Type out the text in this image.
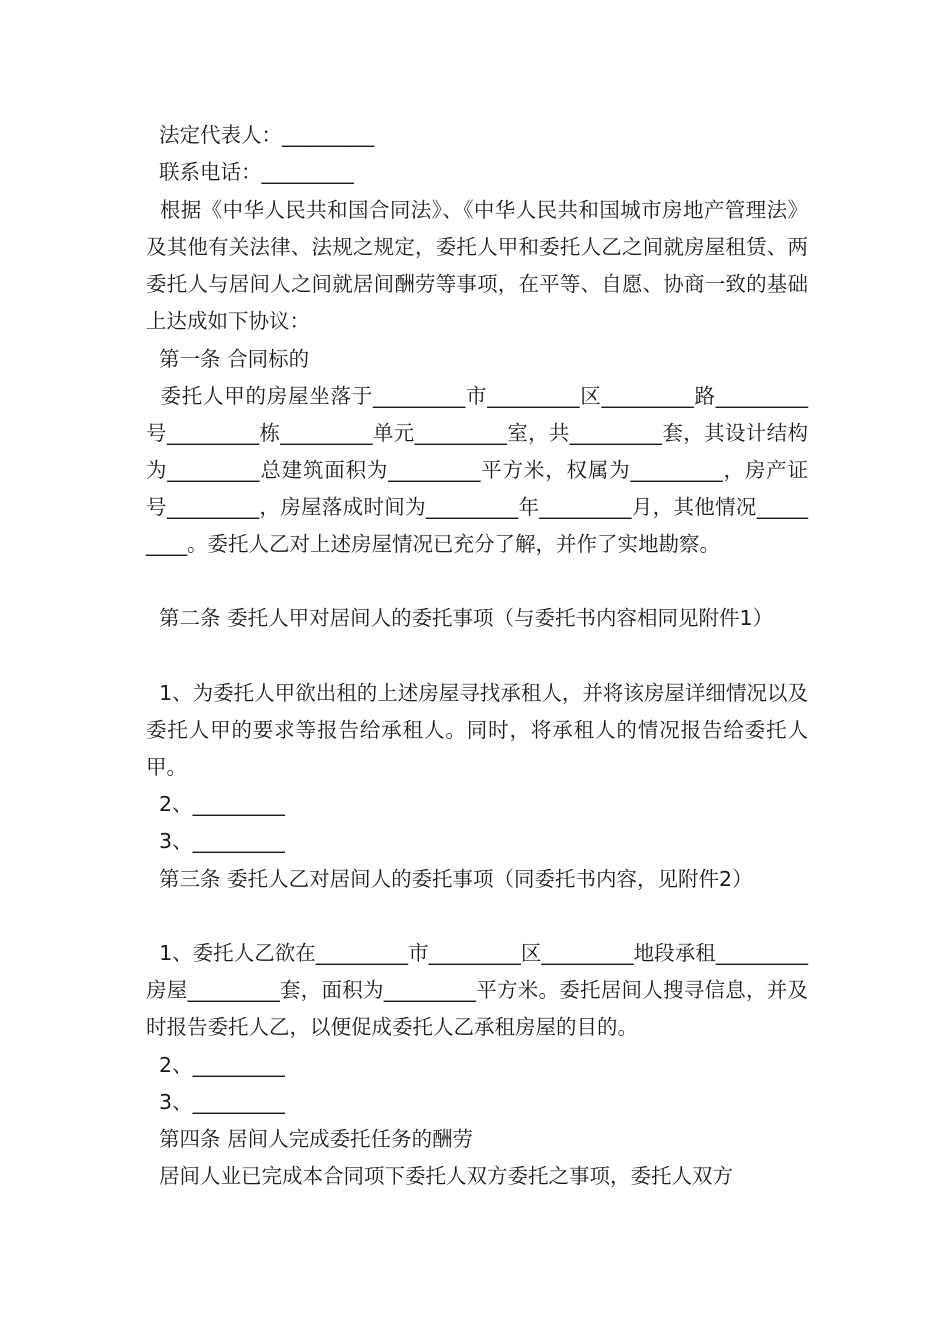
法定代表人：_________

联系电话：_________

根据《中华人民共和国合同法》、《中华人民共和国城市房地产管理法》及其他有关法律、法规之规定，委托人甲和委托人乙之间就房屋租赁、两委托人与居间人之间就居间酬劳等事项，在平等、自愿、协商一致的基础上达成如下协议：

第一条 合同标的

委托人甲的房屋坐落于_________市_________区_________路_________号_________栋_________单元_________室，共_________套，其设计结构为_________总建筑面积为_________平方米，权属为_________，房产证号_________，房屋落成时间为_________年_________月，其他情况_________。委托人乙对上述房屋情况已充分了解，并作了实地勘察。

第二条 委托人甲对居间人的委托事项（与委托书内容相同见附件1）

1、为委托人甲欲出租的上述房屋寻找承租人，并将该房屋详细情况以及委托人甲的要求等报告给承租人。同时，将承租人的情况报告给委托人甲。

2、_________

3、_________

第三条 委托人乙对居间人的委托事项（同委托书内容，见附件2）

1、委托人乙欲在_________市_________区_________地段承租_________房屋_________套，面积为_________平方米。委托居间人搜寻信息，并及时报告委托人乙，以便促成委托人乙承租房屋的目的。

2、_________

3、_________

第四条 居间人完成委托任务的酬劳

居间人业已完成本合同项下委托人双方委托之事项，委托人双方
